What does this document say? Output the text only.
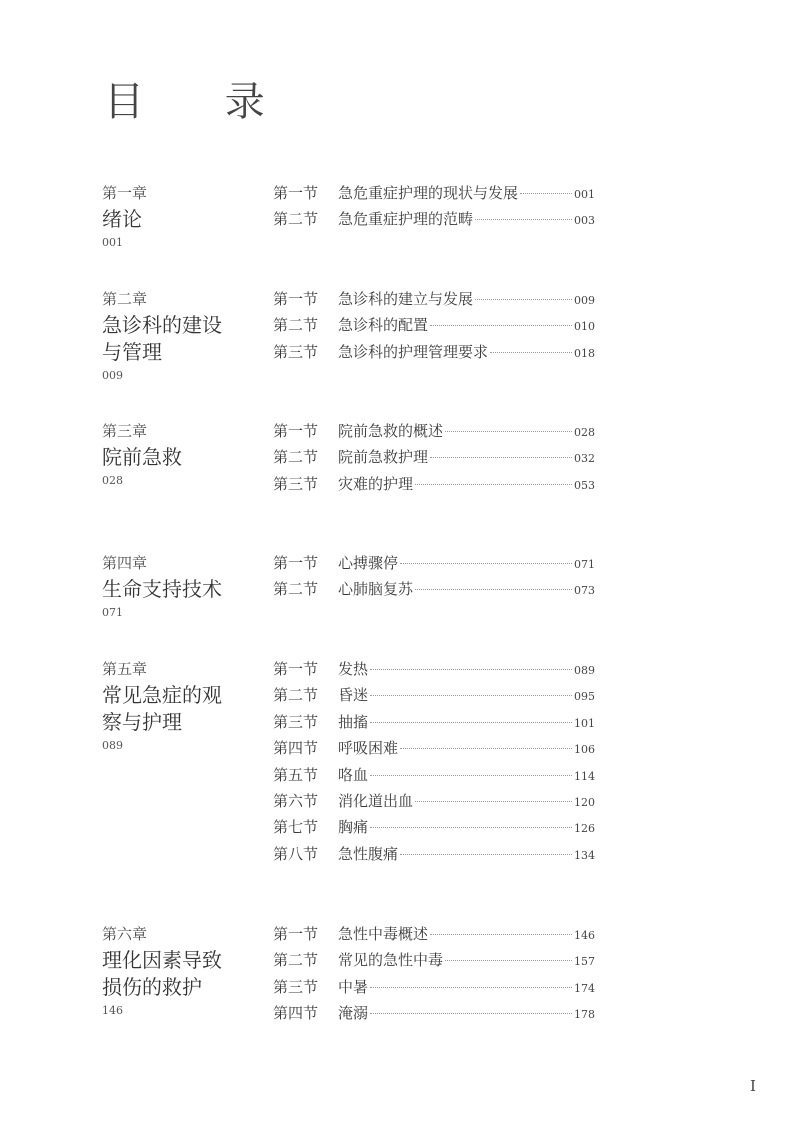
目 录
第一章
绪论
001
第一节	急危重症护理的现状与发展	001
第二节	急危重症护理的范畴	003
第二章
急诊科的建设
与管理
009
第一节	急诊科的建立与发展	009
第二节	急诊科的配置	010
第三节	急诊科的护理管理要求	018
第三章
院前急救
028
第一节	院前急救的概述	028
第二节	院前急救护理	032
第三节	灾难的护理	053
第四章
生命支持技术
071
第一节	心搏骤停	071
第二节	心肺脑复苏	073
第五章
常见急症的观
察与护理
089
第一节	发热	089
第二节	昏迷	095
第三节	抽搐	101
第四节	呼吸困难	106
第五节	咯血	114
第六节	消化道出血	120
第七节	胸痛	126
第八节	急性腹痛	134
第六章
理化因素导致
损伤的救护
146
第一节	急性中毒概述	146
第二节	常见的急性中毒	157
第三节	中暑	174
第四节	淹溺	178
I
